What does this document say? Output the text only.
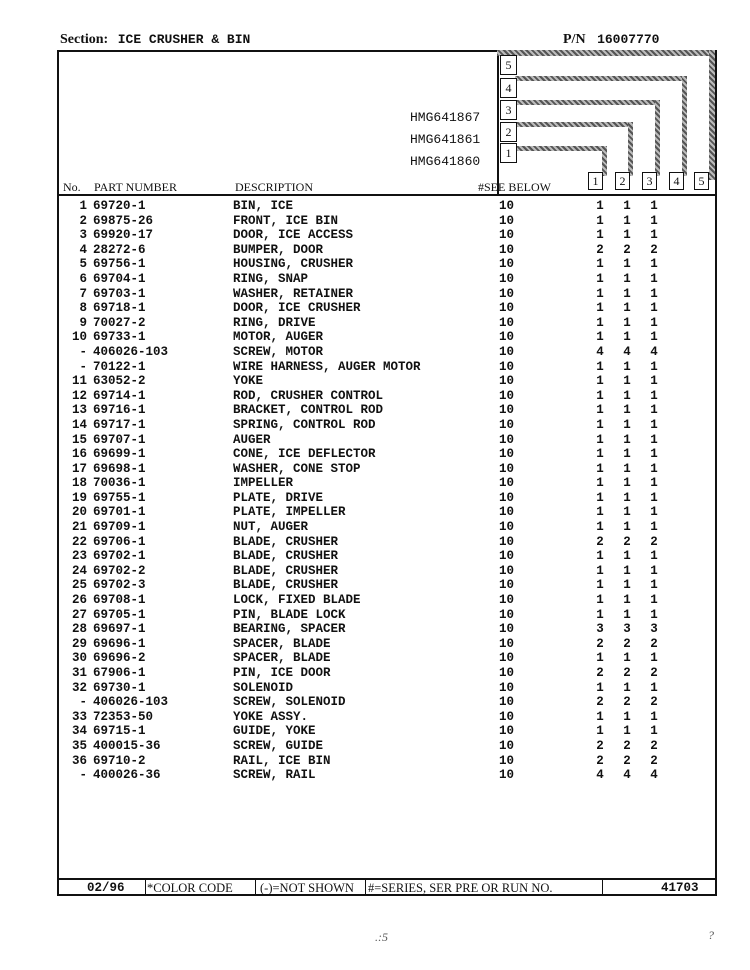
Section: ICE CRUSHER & BIN	P/N 16007770
5
4
3
2
1
HMG641867
HMG641861
HMG641860
1	2	3	4	5
No. PART NUMBER	DESCRIPTION	#SEE BELOW
1 69720-1	BIN, ICE	10	1 1 1
2 69875-26	FRONT, ICE BIN	10	1 1 1
3 69920-17	DOOR, ICE ACCESS	10	1 1 1
4 28272-6	BUMPER, DOOR	10	2 2 2
5 69756-1	HOUSING, CRUSHER	10	1 1 1
6 69704-1	RING, SNAP	10	1 1 1
7 69703-1	WASHER, RETAINER	10	1 1 1
8 69718-1	DOOR, ICE CRUSHER	10	1 1 1
9 70027-2	RING, DRIVE	10	1 1 1
10 69733-1	MOTOR, AUGER	10	1 1 1
- 406026-103	SCREW, MOTOR	10	4 4 4
- 70122-1	WIRE HARNESS, AUGER MOTOR	10	1 1 1
11 63052-2	YOKE	10	1 1 1
12 69714-1	ROD, CRUSHER CONTROL	10	1 1 1
13 69716-1	BRACKET, CONTROL ROD	10	1 1 1
14 69717-1	SPRING, CONTROL ROD	10	1 1 1
15 69707-1	AUGER	10	1 1 1
16 69699-1	CONE, ICE DEFLECTOR	10	1 1 1
17 69698-1	WASHER, CONE STOP	10	1 1 1
18 70036-1	IMPELLER	10	1 1 1
19 69755-1	PLATE, DRIVE	10	1 1 1
20 69701-1	PLATE, IMPELLER	10	1 1 1
21 69709-1	NUT, AUGER	10	1 1 1
22 69706-1	BLADE, CRUSHER	10	2 2 2
23 69702-1	BLADE, CRUSHER	10	1 1 1
24 69702-2	BLADE, CRUSHER	10	1 1 1
25 69702-3	BLADE, CRUSHER	10	1 1 1
26 69708-1	LOCK, FIXED BLADE	10	1 1 1
27 69705-1	PIN, BLADE LOCK	10	1 1 1
28 69697-1	BEARING, SPACER	10	3 3 3
29 69696-1	SPACER, BLADE	10	2 2 2
30 69696-2	SPACER, BLADE	10	1 1 1
31 67906-1	PIN, ICE DOOR	10	2 2 2
32 69730-1	SOLENOID	10	1 1 1
- 406026-103	SCREW, SOLENOID	10	2 2 2
33 72353-50	YOKE ASSY.	10	1 1 1
34 69715-1	GUIDE, YOKE	10	1 1 1
35 400015-36	SCREW, GUIDE	10	2 2 2
36 69710-2	RAIL, ICE BIN	10	2 2 2
- 400026-36	SCREW, RAIL	10	4 4 4
02/96 *COLOR CODE (-)=NOT SHOWN #=SERIES, SER PRE OR RUN NO.	41703
.:5	?
